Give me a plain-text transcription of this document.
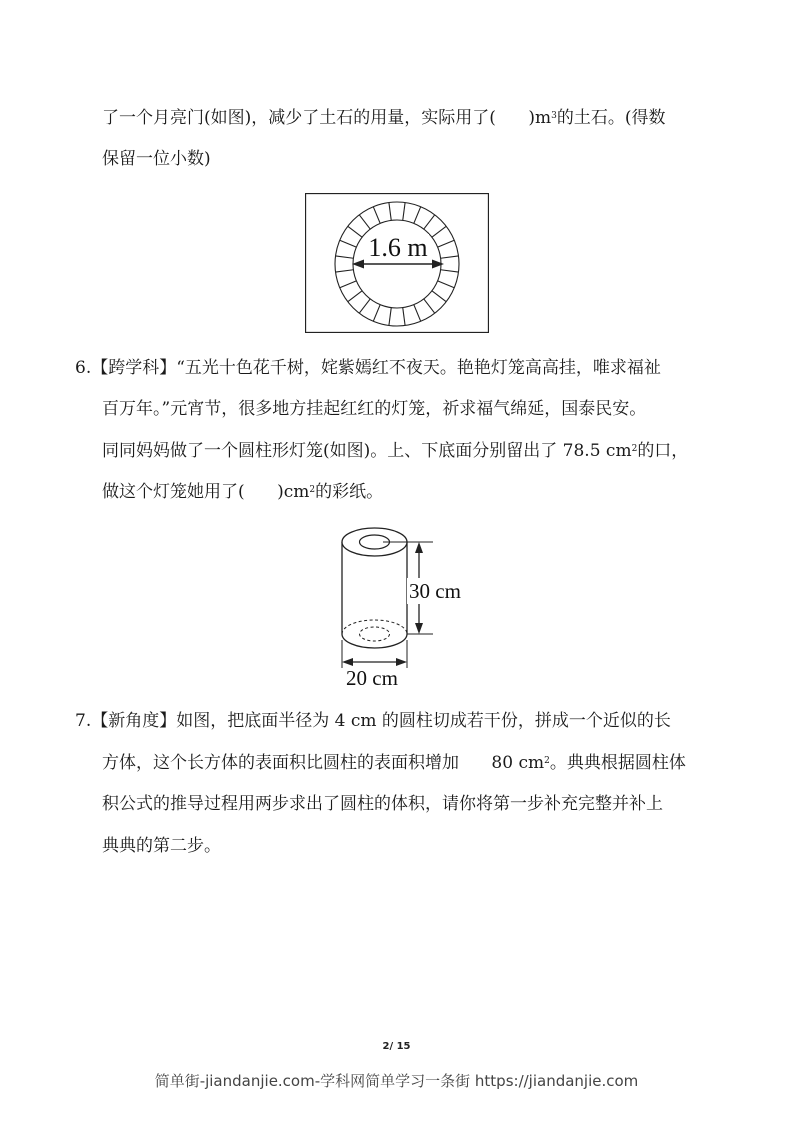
了一个月亮门(如图)，减少了土石的用量，实际用了( )$m^3$的土石。(得数
保留一位小数)
1.6 m
6.【跨学科】“五光十色花千树，姹紫嫣红不夜天。艳艳灯笼高高挂，唯求福祉
百万年。”元宵节，很多地方挂起红红的灯笼，祈求福气绵延，国泰民安。
同同妈妈做了一个圆柱形灯笼(如图)。上、下底面分别留出了 78.5 $cm^2$的口，
做这个灯笼她用了( )$cm^2$的彩纸。
30 cm
20 cm
7.【新角度】如图，把底面半径为 4 cm 的圆柱切成若干份，拼成一个近似的长
方体，这个长方体的表面积比圆柱的表面积增加      80 $cm^2$。典典根据圆柱体
积公式的推导过程用两步求出了圆柱的体积，请你将第一步补充完整并补上
典典的第二步。
2/ 15
简单街-jiandanjie.com-学科网简单学习一条街 https://jiandanjie.com
